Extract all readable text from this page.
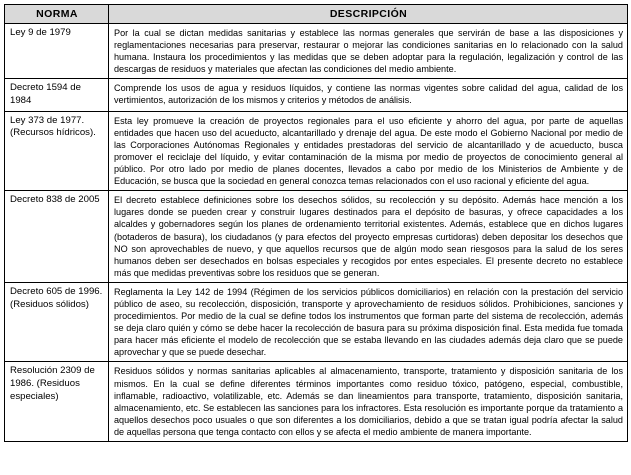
NORMA	DESCRIPCIÓN

Ley 9 de 1979	Por la cual se dictan medidas sanitarias y establece las normas generales que servirán de base a las disposiciones y reglamentaciones necesarias para preservar, restaurar o mejorar las condiciones sanitarias en lo relacionado con la salud humana. Instaura los procedimientos y las medidas que se deben adoptar para la regulación, legalización y control de las descargas de residuos y materiales que afectan las condiciones del medio ambiente.

Decreto 1594 de 1984	Comprende los usos de agua y residuos líquidos, y contiene las normas vigentes sobre calidad del agua, calidad de los vertimientos, autorización de los mismos y criterios y métodos de análisis.

Ley 373 de 1977.
(Recursos hídricos).	Esta ley promueve la creación de proyectos regionales para el uso eficiente y ahorro del agua, por parte de aquellas entidades que hacen uso del acueducto, alcantarillado y drenaje del agua. De este modo el Gobierno Nacional por medio de las Corporaciones Autónomas Regionales y entidades prestadoras del servicio de alcantarillado y de acueducto, busca promover el reciclaje del líquido, y evitar contaminación de la misma por medio de proyectos de conocimiento general al público. Por otro lado por medio de planes docentes, llevados a cabo por medio de los Ministerios de Ambiente y de Educación, se busca que la sociedad en general conozca temas relacionados con el uso racional y eficiente del agua.

Decreto 838 de 2005	El decreto establece definiciones sobre los desechos sólidos, su recolección y su depósito. Además hace mención a los lugares donde se pueden crear y construir lugares destinados para el depósito de basuras, y ofrece capacidades a los alcaldes y gobernadores según los planes de ordenamiento territorial existentes. Además, establece que en dichos lugares (botaderos de basura), los ciudadanos (y para efectos del proyecto empresas curtidoras) deben depositar los desechos que NO son aprovechables de nuevo, y que aquellos recursos que de algún modo sean riesgosos para la salud de los seres humanos deben ser desechados en bolsas especiales y recogidos por entes especiales. El presente decreto no establece más que medidas preventivas sobre los residuos que se generan.

Decreto 605 de 1996.
(Residuos sólidos)	Reglamenta la Ley 142 de 1994 (Régimen de los servicios públicos domiciliarios) en relación con la prestación del servicio público de aseo, su recolección, disposición, transporte y aprovechamiento de residuos sólidos. Prohibiciones, sanciones y procedimientos. Por medio de la cual se define todos los instrumentos que forman parte del sistema de recolección, además se deja claro quién y cómo se debe hacer la recolección de basura para su próxima disposición final. Esta medida fue tomada para hacer más eficiente el modelo de recolección que se estaba llevando en las ciudades además deja claro que se puede aprovechar y que se puede desechar.

Resolución 2309 de
1986. (Residuos especiales)	Residuos sólidos y normas sanitarias aplicables al almacenamiento, transporte, tratamiento y disposición sanitaria de los mismos. En la cual se define diferentes términos importantes como residuo tóxico, patógeno, especial, combustible, inflamable, radioactivo, volatilizable, etc. Además se dan lineamientos para transporte, tratamiento, disposición sanitaria, almacenamiento, etc. Se establecen las sanciones para los infractores. Esta resolución es importante porque da tratamiento a aquellos desechos poco usuales o que son diferentes a los domiciliarios, debido a que se tratan igual podría afectar la salud de aquellas persona que tenga contacto con ellos y se afecta el medio ambiente de manera importante.
